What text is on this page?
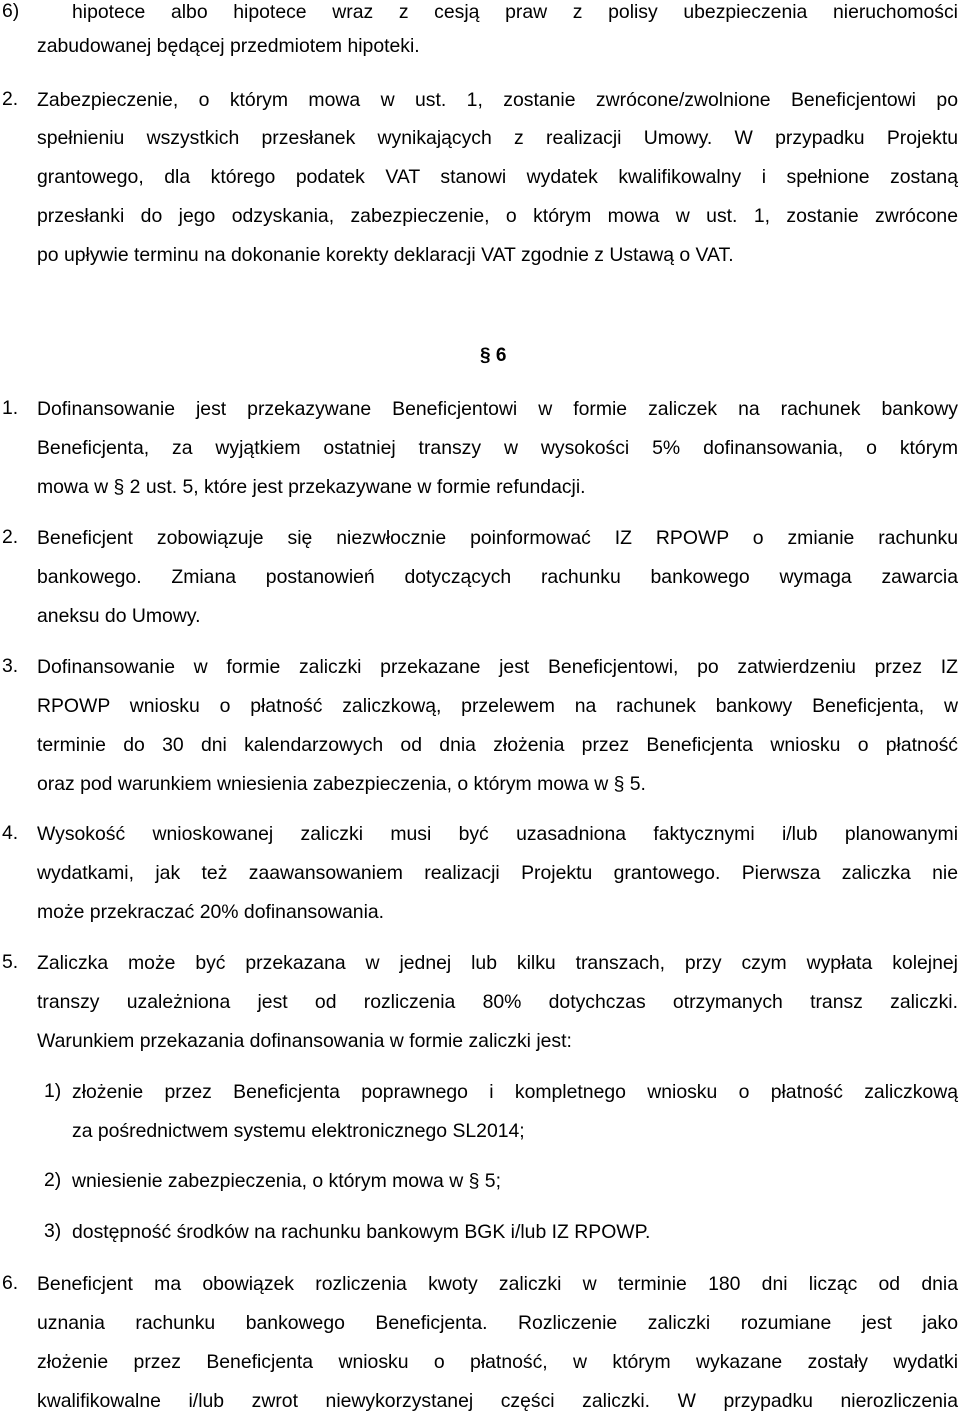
6)	hipotece albo hipotece wraz z cesją praw z polisy ubezpieczenia nieruchomości
zabudowanej będącej przedmiotem hipoteki.
2. Zabezpieczenie, o którym mowa w ust. 1, zostanie zwrócone/zwolnione Beneficjentowi po
spełnieniu wszystkich przesłanek wynikających z realizacji Umowy. W przypadku Projektu
grantowego, dla którego podatek VAT stanowi wydatek kwalifikowalny i spełnione zostaną
przesłanki do jego odzyskania, zabezpieczenie, o którym mowa w ust. 1, zostanie zwrócone
po upływie terminu na dokonanie korekty deklaracji VAT zgodnie z Ustawą o VAT.
§ 6
1. Dofinansowanie jest przekazywane Beneficjentowi w formie zaliczek na rachunek bankowy
Beneficjenta, za wyjątkiem ostatniej transzy w wysokości 5% dofinansowania, o którym
mowa w § 2 ust. 5, które jest przekazywane w formie refundacji.
2. Beneficjent zobowiązuje się niezwłocznie poinformować IZ RPOWP o zmianie rachunku
bankowego. Zmiana postanowień dotyczących rachunku bankowego wymaga zawarcia
aneksu do Umowy.
3. Dofinansowanie w formie zaliczki przekazane jest Beneficjentowi, po zatwierdzeniu przez IZ
RPOWP wniosku o płatność zaliczkową, przelewem na rachunek bankowy Beneficjenta, w
terminie do 30 dni kalendarzowych od dnia złożenia przez Beneficjenta wniosku o płatność
oraz pod warunkiem wniesienia zabezpieczenia, o którym mowa w § 5.
4. Wysokość wnioskowanej zaliczki musi być uzasadniona faktycznymi i/lub planowanymi
wydatkami, jak też zaawansowaniem realizacji Projektu grantowego. Pierwsza zaliczka nie
może przekraczać 20% dofinansowania.
5. Zaliczka może być przekazana w jednej lub kilku transzach, przy czym wypłata kolejnej
transzy uzależniona jest od rozliczenia 80% dotychczas otrzymanych transz zaliczki.
Warunkiem przekazania dofinansowania w formie zaliczki jest:
1) złożenie przez Beneficjenta poprawnego i kompletnego wniosku o płatność zaliczkową
za pośrednictwem systemu elektronicznego SL2014;
2) wniesienie zabezpieczenia, o którym mowa w § 5;
3) dostępność środków na rachunku bankowym BGK i/lub IZ RPOWP.
6. Beneficjent ma obowiązek rozliczenia kwoty zaliczki w terminie 180 dni licząc od dnia
uznania rachunku bankowego Beneficjenta. Rozliczenie zaliczki rozumiane jest jako
złożenie przez Beneficjenta wniosku o płatność, w którym wykazane zostały wydatki
kwalifikowalne i/lub zwrot niewykorzystanej części zaliczki. W przypadku nierozliczenia
